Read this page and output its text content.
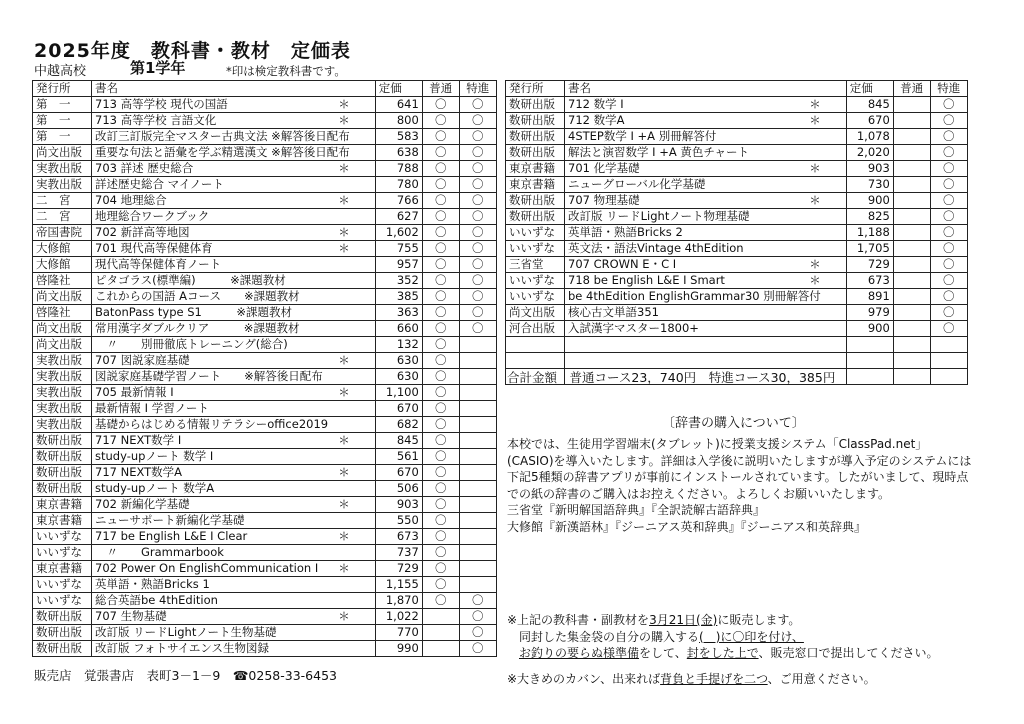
2025年度　教科書・教材　定価表
中越高校	第1学年	*印は検定教科書です。
発行所	書名	定価	普通	特進
第　一	713 高等学校 現代の国語 ＊	641	〇	〇
第　一	713 高等学校 言語文化 ＊	800	〇	〇
第　一	改訂三訂版完全マスター古典文法 ※解答後日配布	583	〇	〇
尚文出版	重要な句法と語彙を学ぶ精選漢文 ※解答後日配布	638	〇	〇
実教出版	703 詳述 歴史総合 ＊	788	〇	〇
実教出版	詳述歴史総合 マイノート	780	〇	〇
二　宮	704 地理総合 ＊	766	〇	〇
二　宮	地理総合ワークブック	627	〇	〇
帝国書院	702 新詳高等地図 ＊	1,602	〇	〇
大修館	701 現代高等保健体育 ＊	755	〇	〇
大修館	現代高等保健体育ノート	957	〇	〇
啓隆社	ピタゴラス(標準編)　　　※課題教材	352	〇	〇
尚文出版	これからの国語 Aコース　　※課題教材	385	〇	〇
啓隆社	BatonPass type S1　　　※課題教材	363	〇	〇
尚文出版	常用漢字ダブルクリア　　　※課題教材	660	〇	〇
尚文出版	　〃　　別冊徹底トレーニング(総合)	132	〇	
実教出版	707 図説家庭基礎 ＊	630	〇	
実教出版	図説家庭基礎学習ノート　　※解答後日配布	630	〇	
実教出版	705 最新情報 I ＊	1,100	〇	
実教出版	最新情報 I 学習ノート	670	〇	
実教出版	基礎からはじめる情報リテラシーoffice2019	682	〇	
数研出版	717 NEXT数学 I ＊	845	〇	
数研出版	study-upノート 数学 I	561	〇	
数研出版	717 NEXT数学A ＊	670	〇	
数研出版	study-upノート 数学A	506	〇	
東京書籍	702 新編化学基礎 ＊	903	〇	
東京書籍	ニューサポート新編化学基礎	550	〇	
いいずな	717 be English L&E I Clear ＊	673	〇	
いいずな	　〃　　Grammarbook	737	〇	
東京書籍	702 Power On EnglishCommunication I ＊	729	〇	
いいずな	英単語・熟語Bricks 1	1,155	〇	
いいずな	総合英語be 4thEdition	1,870	〇	〇
数研出版	707 生物基礎 ＊	1,022		〇
数研出版	改訂版 リードLightノート生物基礎	770		〇
数研出版	改訂版 フォトサイエンス生物図録	990		〇
発行所	書名	定価	普通	特進
数研出版	712 数学 I ＊	845		〇
数研出版	712 数学A ＊	670		〇
数研出版	4STEP数学 I +A 別冊解答付	1,078		〇
数研出版	解法と演習数学 I +A 黄色チャート	2,020		〇
東京書籍	701 化学基礎 ＊	903		〇
東京書籍	ニューグローバル化学基礎	730		〇
数研出版	707 物理基礎 ＊	900		〇
数研出版	改訂版 リードLightノート物理基礎	825		〇
いいずな	英単語・熟語Bricks 2	1,188		〇
いいずな	英文法・語法Vintage 4thEdition	1,705		〇
三省堂	707 CROWN E・C I ＊	729		〇
いいずな	718 be English L&E I Smart ＊	673		〇
いいずな	be 4thEdition EnglishGrammar30 別冊解答付	891		〇
尚文出版	核心古文単語351	979		〇
河合出版	入試漢字マスター1800+	900		〇

合計金額　 普通コース23，740円　 特進コース30，385円
〔辞書の購入について〕
本校では、生徒用学習端末(タブレット)に授業支援システム「ClassPad.net」(CASIO)を導入いたします。詳細は入学後に説明いたしますが導入予定のシステムには下記5種類の辞書アプリが事前にインストールされています。したがいまして、現時点での紙の辞書のご購入はお控えください。よろしくお願いいたします。
三省堂『新明解国語辞典』『全訳読解古語辞典』
大修館『新漢語林』『ジーニアス英和辞典』『ジーニアス和英辞典』
※上記の教科書・副教材を3月21日(金)に販売します。
同封した集金袋の自分の購入する(　)に〇印を付け、
お釣りの要らぬ様準備をして、封をした上で、販売窓口で提出してください。
販売店　覚張書店　表町3－1－9　☎0258-33-6453	※大きめのカバン、出来れば背負と手提げを二つ、ご用意ください。
